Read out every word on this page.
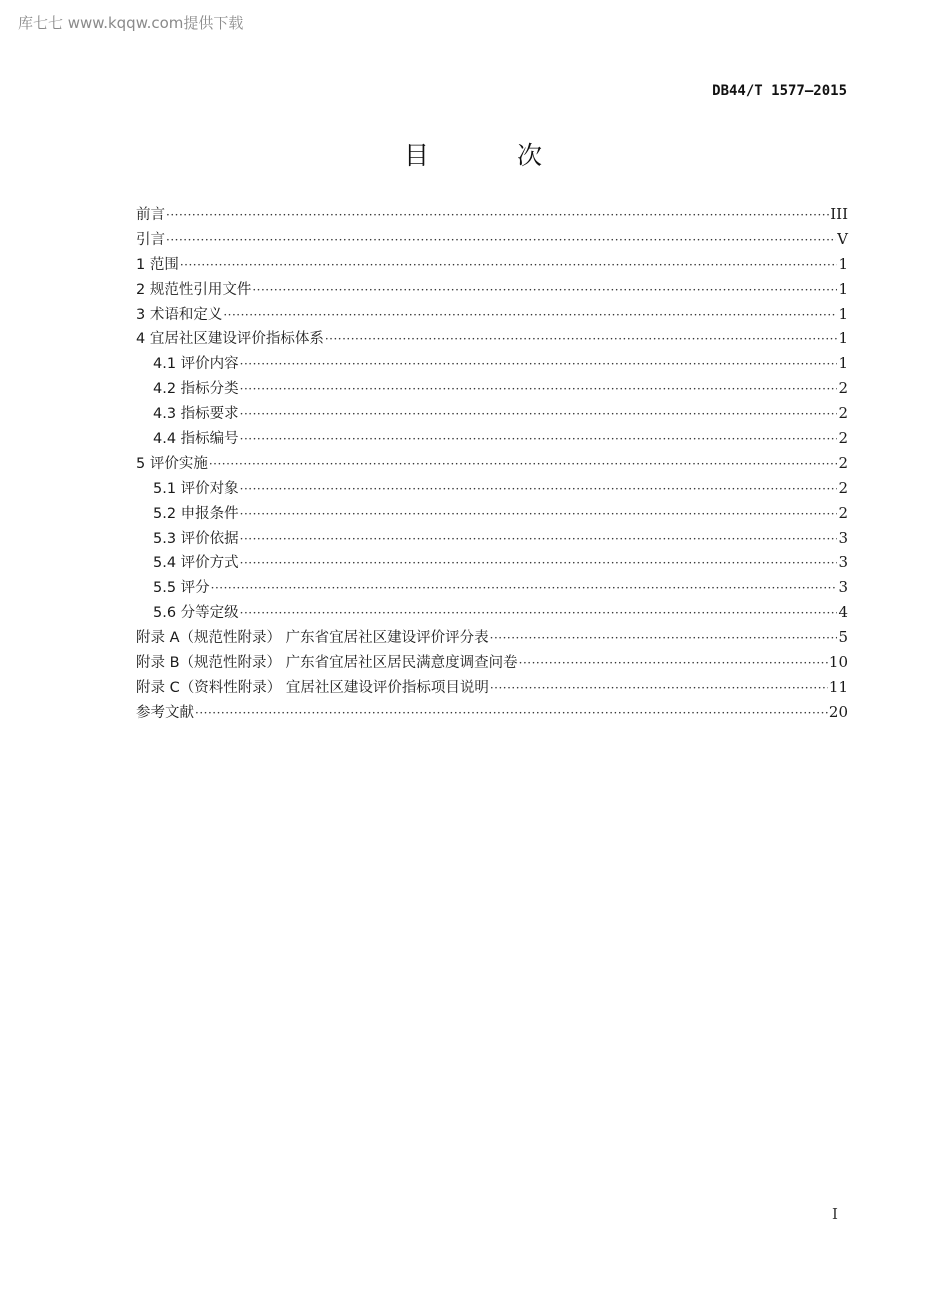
库七七 www.kqqw.com提供下载
DB44/T 1577—2015
目 次
前言 ·····	III
引言 ·····	V
1 范围 ·····	1
2 规范性引用文件 ·····	1
3 术语和定义 ·····	1
4 宜居社区建设评价指标体系 ·····	1
4.1 评价内容 ·····	1
4.2 指标分类 ·····	2
4.3 指标要求 ·····	2
4.4 指标编号 ·····	2
5 评价实施 ·····	2
5.1 评价对象 ·····	2
5.2 申报条件 ·····	2
5.3 评价依据 ·····	3
5.4 评价方式 ·····	3
5.5 评分 ·····	3
5.6 分等定级 ·····	4
附录 A（规范性附录） 广东省宜居社区建设评价评分表 ·····	5
附录 B（规范性附录） 广东省宜居社区居民满意度调查问卷 ·····	10
附录 C（资料性附录） 宜居社区建设评价指标项目说明 ·····	11
参考文献 ·····	20
I
